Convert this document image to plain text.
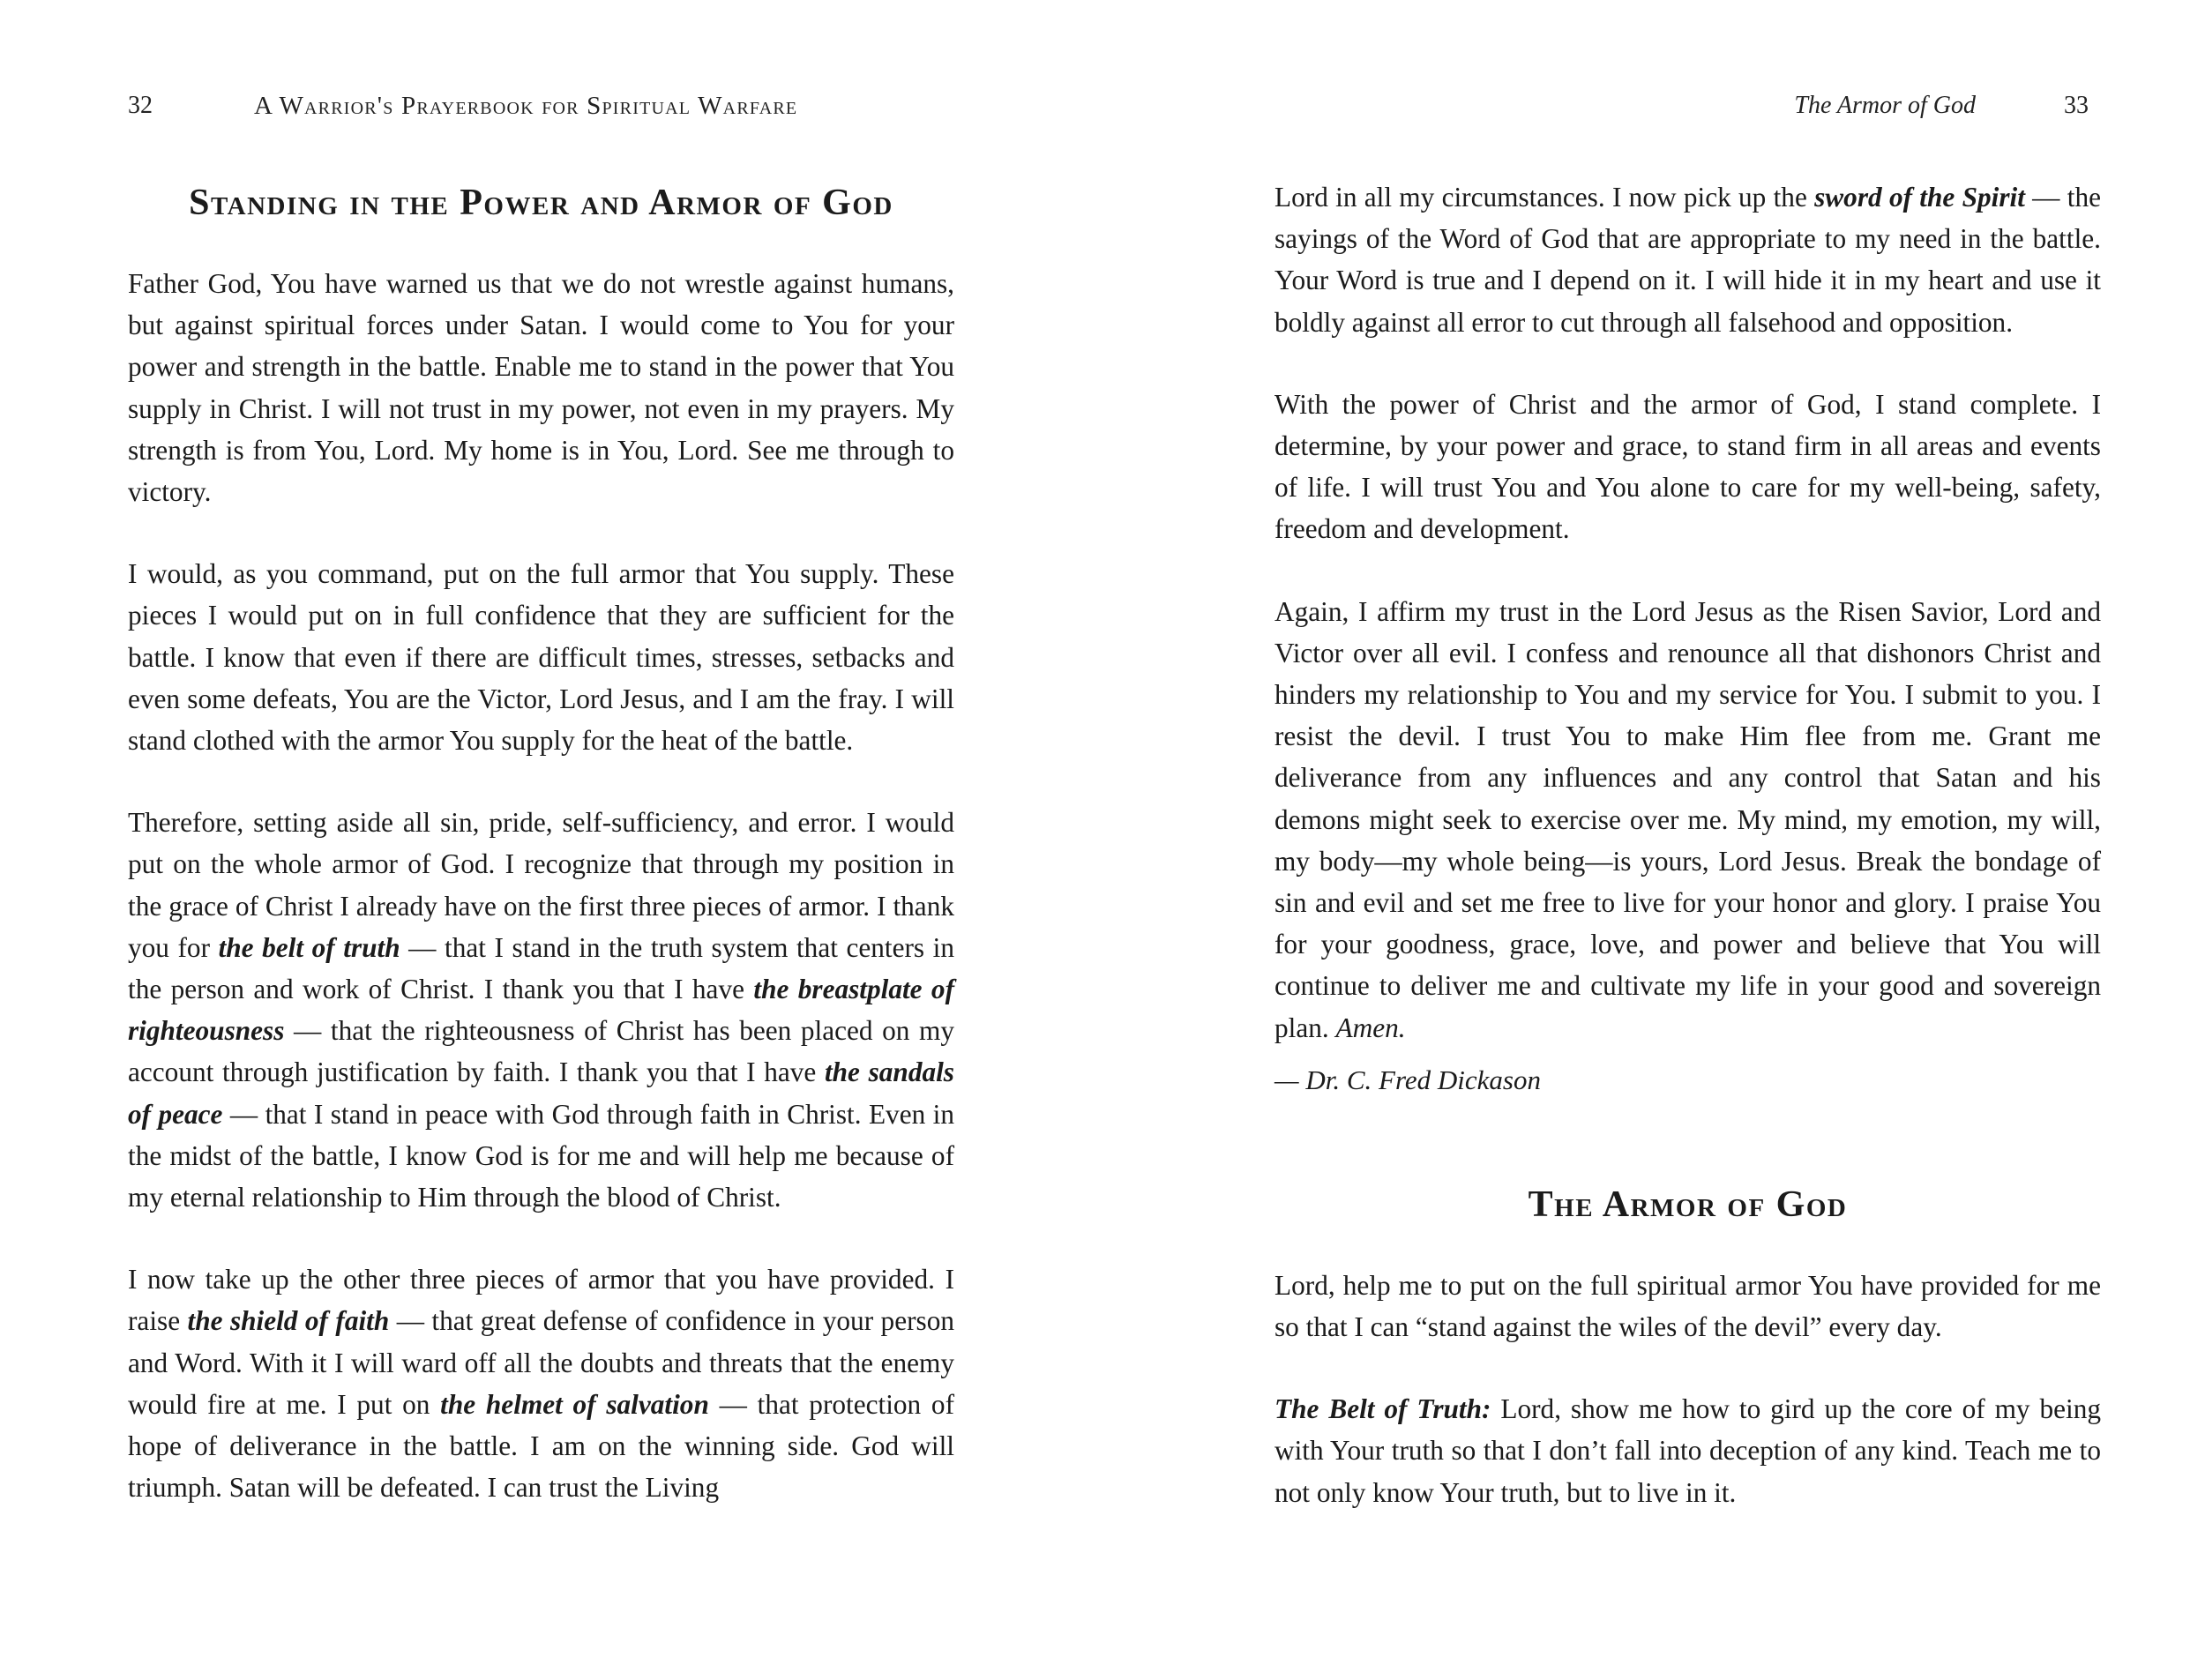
32	A Warrior's Prayerbook for Spiritual Warfare
Standing in the Power and Armor of God

Father God, You have warned us that we do not wrestle against humans, but against spiritual forces under Satan. I would come to You for your power and strength in the battle. Enable me to stand in the power that You supply in Christ. I will not trust in my power, not even in my prayers. My strength is from You, Lord. My home is in You, Lord. See me through to victory.

I would, as you command, put on the full armor that You supply. These pieces I would put on in full confidence that they are sufficient for the battle. I know that even if there are difficult times, stresses, setbacks and even some defeats, You are the Victor, Lord Jesus, and I am the fray. I will stand clothed with the armor You supply for the heat of the battle.

Therefore, setting aside all sin, pride, self-sufficiency, and error. I would put on the whole armor of God. I recognize that through my position in the grace of Christ I already have on the first three pieces of armor. I thank you for the belt of truth — that I stand in the truth system that centers in the person and work of Christ. I thank you that I have the breastplate of righteousness — that the righteousness of Christ has been placed on my account through justification by faith. I thank you that I have the sandals of peace — that I stand in peace with God through faith in Christ. Even in the midst of the battle, I know God is for me and will help me because of my eternal relationship to Him through the blood of Christ.

I now take up the other three pieces of armor that you have provided. I raise the shield of faith — that great defense of confidence in your person and Word. With it I will ward off all the doubts and threats that the enemy would fire at me. I put on the helmet of salvation — that protection of hope of deliverance in the battle. I am on the winning side. God will triumph. Satan will be defeated. I can trust the Living

The Armor of God	33

Lord in all my circumstances. I now pick up the sword of the Spirit — the sayings of the Word of God that are appropriate to my need in the battle. Your Word is true and I depend on it. I will hide it in my heart and use it boldly against all error to cut through all falsehood and opposition.

With the power of Christ and the armor of God, I stand complete. I determine, by your power and grace, to stand firm in all areas and events of life. I will trust You and You alone to care for my well-being, safety, freedom and development.

Again, I affirm my trust in the Lord Jesus as the Risen Savior, Lord and Victor over all evil. I confess and renounce all that dishonors Christ and hinders my relationship to You and my service for You. I submit to you. I resist the devil. I trust You to make Him flee from me. Grant me deliverance from any influences and any control that Satan and his demons might seek to exercise over me. My mind, my emotion, my will, my body—my whole being—is yours, Lord Jesus. Break the bondage of sin and evil and set me free to live for your honor and glory. I praise You for your goodness, grace, love, and power and believe that You will continue to deliver me and cultivate my life in your good and sovereign plan. Amen.

— Dr. C. Fred Dickason

The Armor of God

Lord, help me to put on the full spiritual armor You have provided for me so that I can “stand against the wiles of the devil” every day.

The Belt of Truth: Lord, show me how to gird up the core of my being with Your truth so that I don’t fall into deception of any kind. Teach me to not only know Your truth, but to live in it.
